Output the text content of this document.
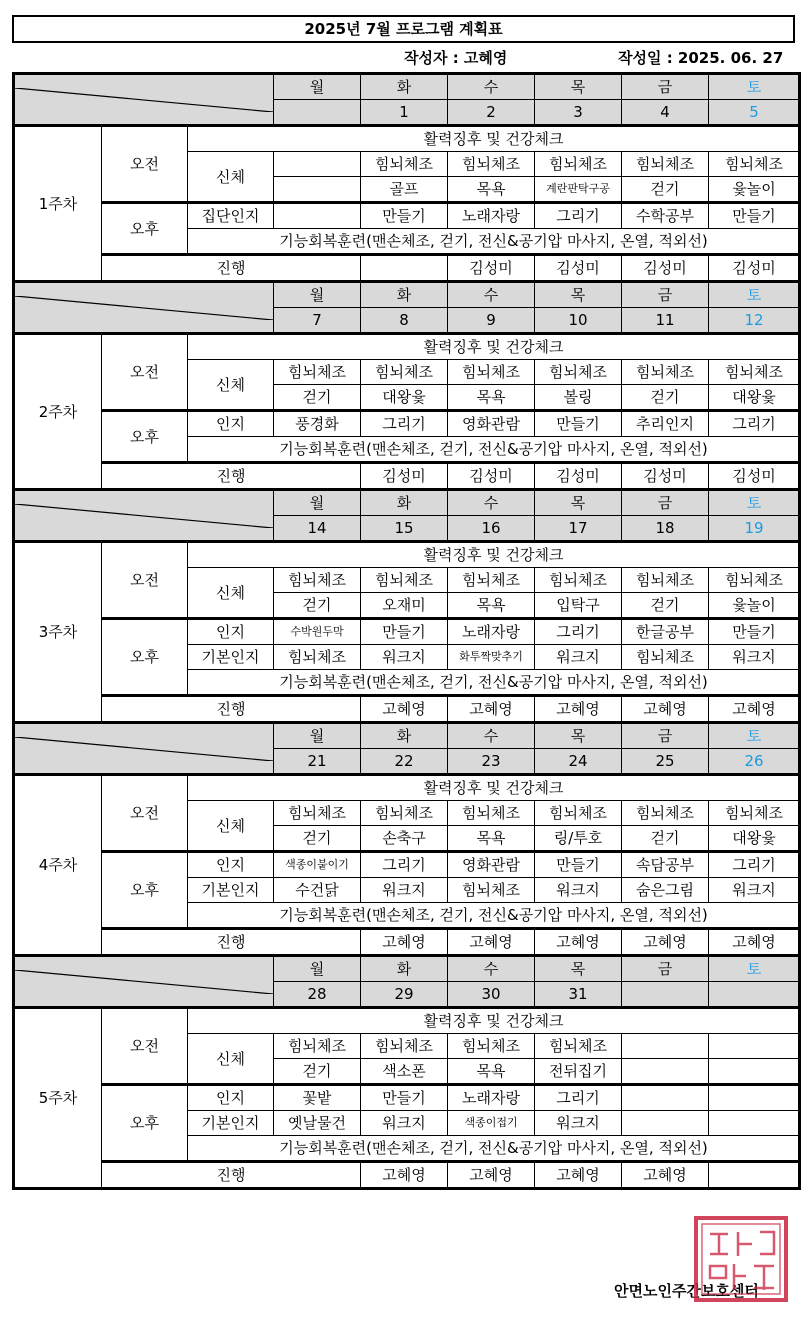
2025년 7월 프로그램 계획표
작성자 : 고혜영	작성일 : 2025. 06. 27
	월	화	수	목	금	토	
				1	2	3	4	5	
1주차	오전	활력징후 및 건강체크							
		신체		힘뇌체조	힘뇌체조	힘뇌체조	힘뇌체조	힘뇌체조	
				골프	목욕	계란판탁구공	걷기	윷놀이	
	오후	집단인지		만들기	노래자랑	그리기	수학공부	만들기	
		기능회복훈련(맨손체조, 걷기, 전신&공기압 마사지, 온열, 적외선)							
	진행				김성미	김성미	김성미	김성미	

	월	화	수	목	금	토	
			7	8	9	10	11	12	
2주차	오전	활력징후 및 건강체크							
		신체	힘뇌체조	힘뇌체조	힘뇌체조	힘뇌체조	힘뇌체조	힘뇌체조	
			걷기	대왕윷	목욕	볼링	걷기	대왕윷	
	오후	인지	풍경화	그리기	영화관람	만들기	추리인지	그리기	
		기능회복훈련(맨손체조, 걷기, 전신&공기압 마사지, 온열, 적외선)							
	진행			김성미	김성미	김성미	김성미	김성미	

	월	화	수	목	금	토	
			14	15	16	17	18	19	
3주차	오전	활력징후 및 건강체크							
		신체	힘뇌체조	힘뇌체조	힘뇌체조	힘뇌체조	힘뇌체조	힘뇌체조	
			걷기	오재미	목욕	입탁구	걷기	윷놀이	
	오후	인지	수박원두막	만들기	노래자랑	그리기	한글공부	만들기	
		기본인지	힘뇌체조	워크지	화투짝맞추기	워크지	힘뇌체조	워크지	
		기능회복훈련(맨손체조, 걷기, 전신&공기압 마사지, 온열, 적외선)							
	진행			고혜영	고혜영	고혜영	고혜영	고혜영	

	월	화	수	목	금	토	
			21	22	23	24	25	26	
4주차	오전	활력징후 및 건강체크							
		신체	힘뇌체조	힘뇌체조	힘뇌체조	힘뇌체조	힘뇌체조	힘뇌체조	
			걷기	손축구	목욕	링/투호	걷기	대왕윷	
	오후	인지	색종이붙이기	그리기	영화관람	만들기	속담공부	그리기	
		기본인지	수건닭	워크지	힘뇌체조	워크지	숨은그림	워크지	
		기능회복훈련(맨손체조, 걷기, 전신&공기압 마사지, 온열, 적외선)							
	진행			고혜영	고혜영	고혜영	고혜영	고혜영	

	월	화	수	목	금	토	
			28	29	30	31			
5주차	오전	활력징후 및 건강체크							
		신체	힘뇌체조	힘뇌체조	힘뇌체조	힘뇌체조			
			걷기	색소폰	목욕	전뒤집기			
	오후	인지	꽃밭	만들기	노래자랑	그리기			
		기본인지	옛날물건	워크지	색종이접기	워크지			
		기능회복훈련(맨손체조, 걷기, 전신&공기압 마사지, 온열, 적외선)							
	진행			고혜영	고혜영	고혜영	고혜영		
안면노인주간보호센터
